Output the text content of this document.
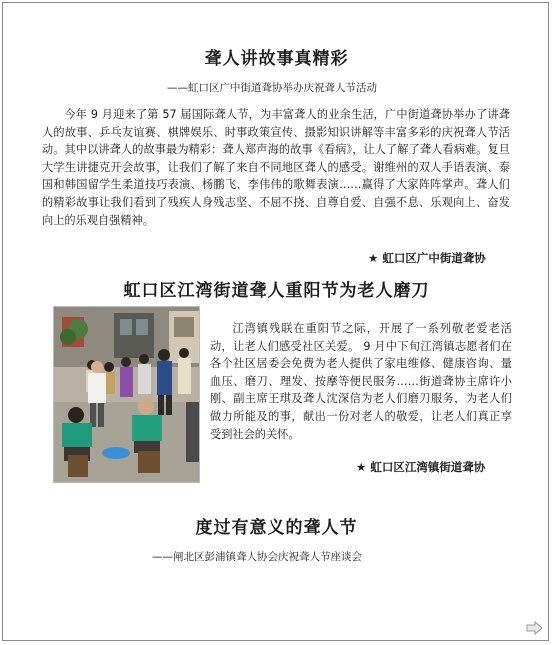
聋人讲故事真精彩
——虹口区广中街道聋协举办庆祝聋人节活动

今年 9 月迎来了第 57 届国际聋人节，为丰富聋人的业余生活，广中街道聋协举办了讲聋人的故事、乒乓友谊赛、棋牌娱乐、时事政策宣传、摄影知识讲解等丰富多彩的庆祝聋人节活动。其中以讲聋人的故事最为精彩：聋人郑声海的故事《看病》，让人了解了聋人看病难。复旦大学生讲捷克开会故事，让我们了解了来自不同地区聋人的感受。谢维州的双人手语表演、泰国和韩国留学生柔道技巧表演、杨鹏飞、李伟伟的歌舞表演……赢得了大家阵阵掌声。聋人们的精彩故事让我们看到了残疾人身残志坚、不屈不挠、自尊自爱、自强不息、乐观向上、奋发向上的乐观自强精神。

★ 虹口区广中街道聋协
虹口区江湾街道聋人重阳节为老人磨刀

江湾镇残联在重阳节之际，开展了一系列敬老爱老活动，让老人们感受社区关爱。 9 月中下旬江湾镇志愿者们在各个社区居委会免费为老人提供了家电维修、健康咨询、量血压、磨刀、理发、按摩等便民服务……街道聋协主席许小刚、副主席王琪及聋人沈深信为老人们磨刀服务，为老人们做力所能及的事，献出一份对老人的敬爱，让老人们真正享受到社会的关怀。

★ 虹口区江湾镇街道聋协
度过有意义的聋人节
——闸北区彭浦镇聋人协会庆祝聋人节座谈会
